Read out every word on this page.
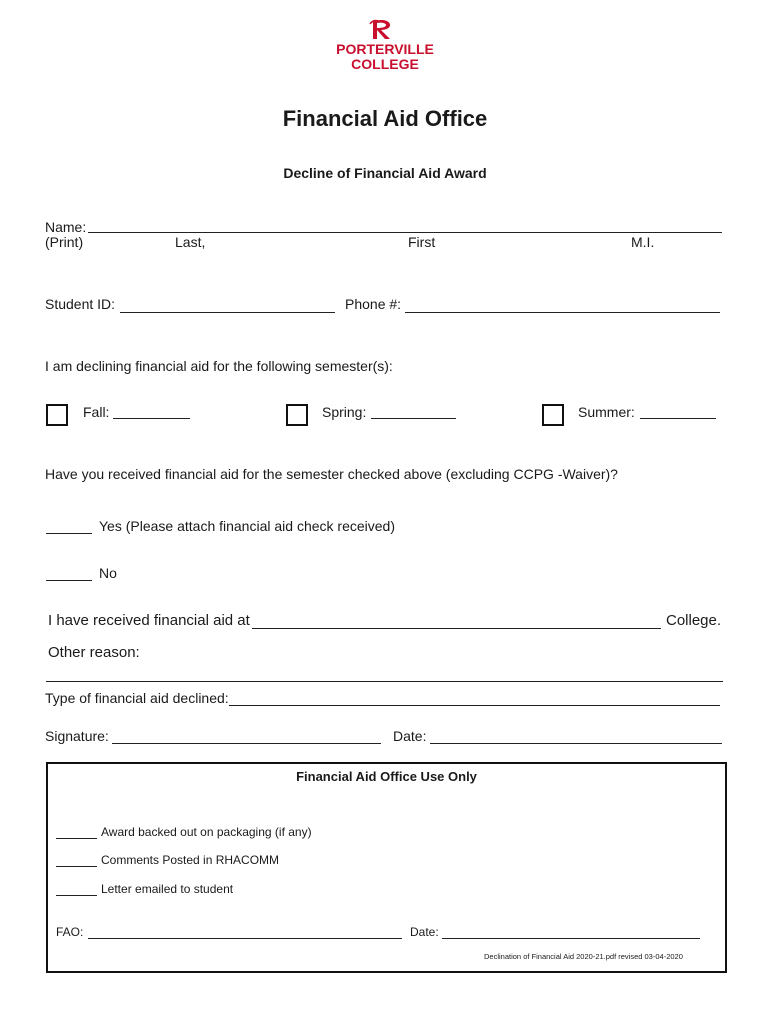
PORTERVILLE
COLLEGE
Financial Aid Office
Decline of Financial Aid Award
Name:
(Print)	Last,	First	M.I.
Student ID:	Phone #:
I am declining financial aid for the following semester(s):
Fall:	Spring:	Summer:
Have you received financial aid for the semester checked above (excluding CCPG -Waiver)?
Yes (Please attach financial aid check received)
No
I have received financial aid at	College.
Other reason:
Type of financial aid declined:
Signature:	Date:
Financial Aid Office Use Only
Award backed out on packaging (if any)
Comments Posted in RHACOMM
Letter emailed to student
FAO:	Date:
Declination of Financial Aid 2020-21.pdf revised 03-04-2020
